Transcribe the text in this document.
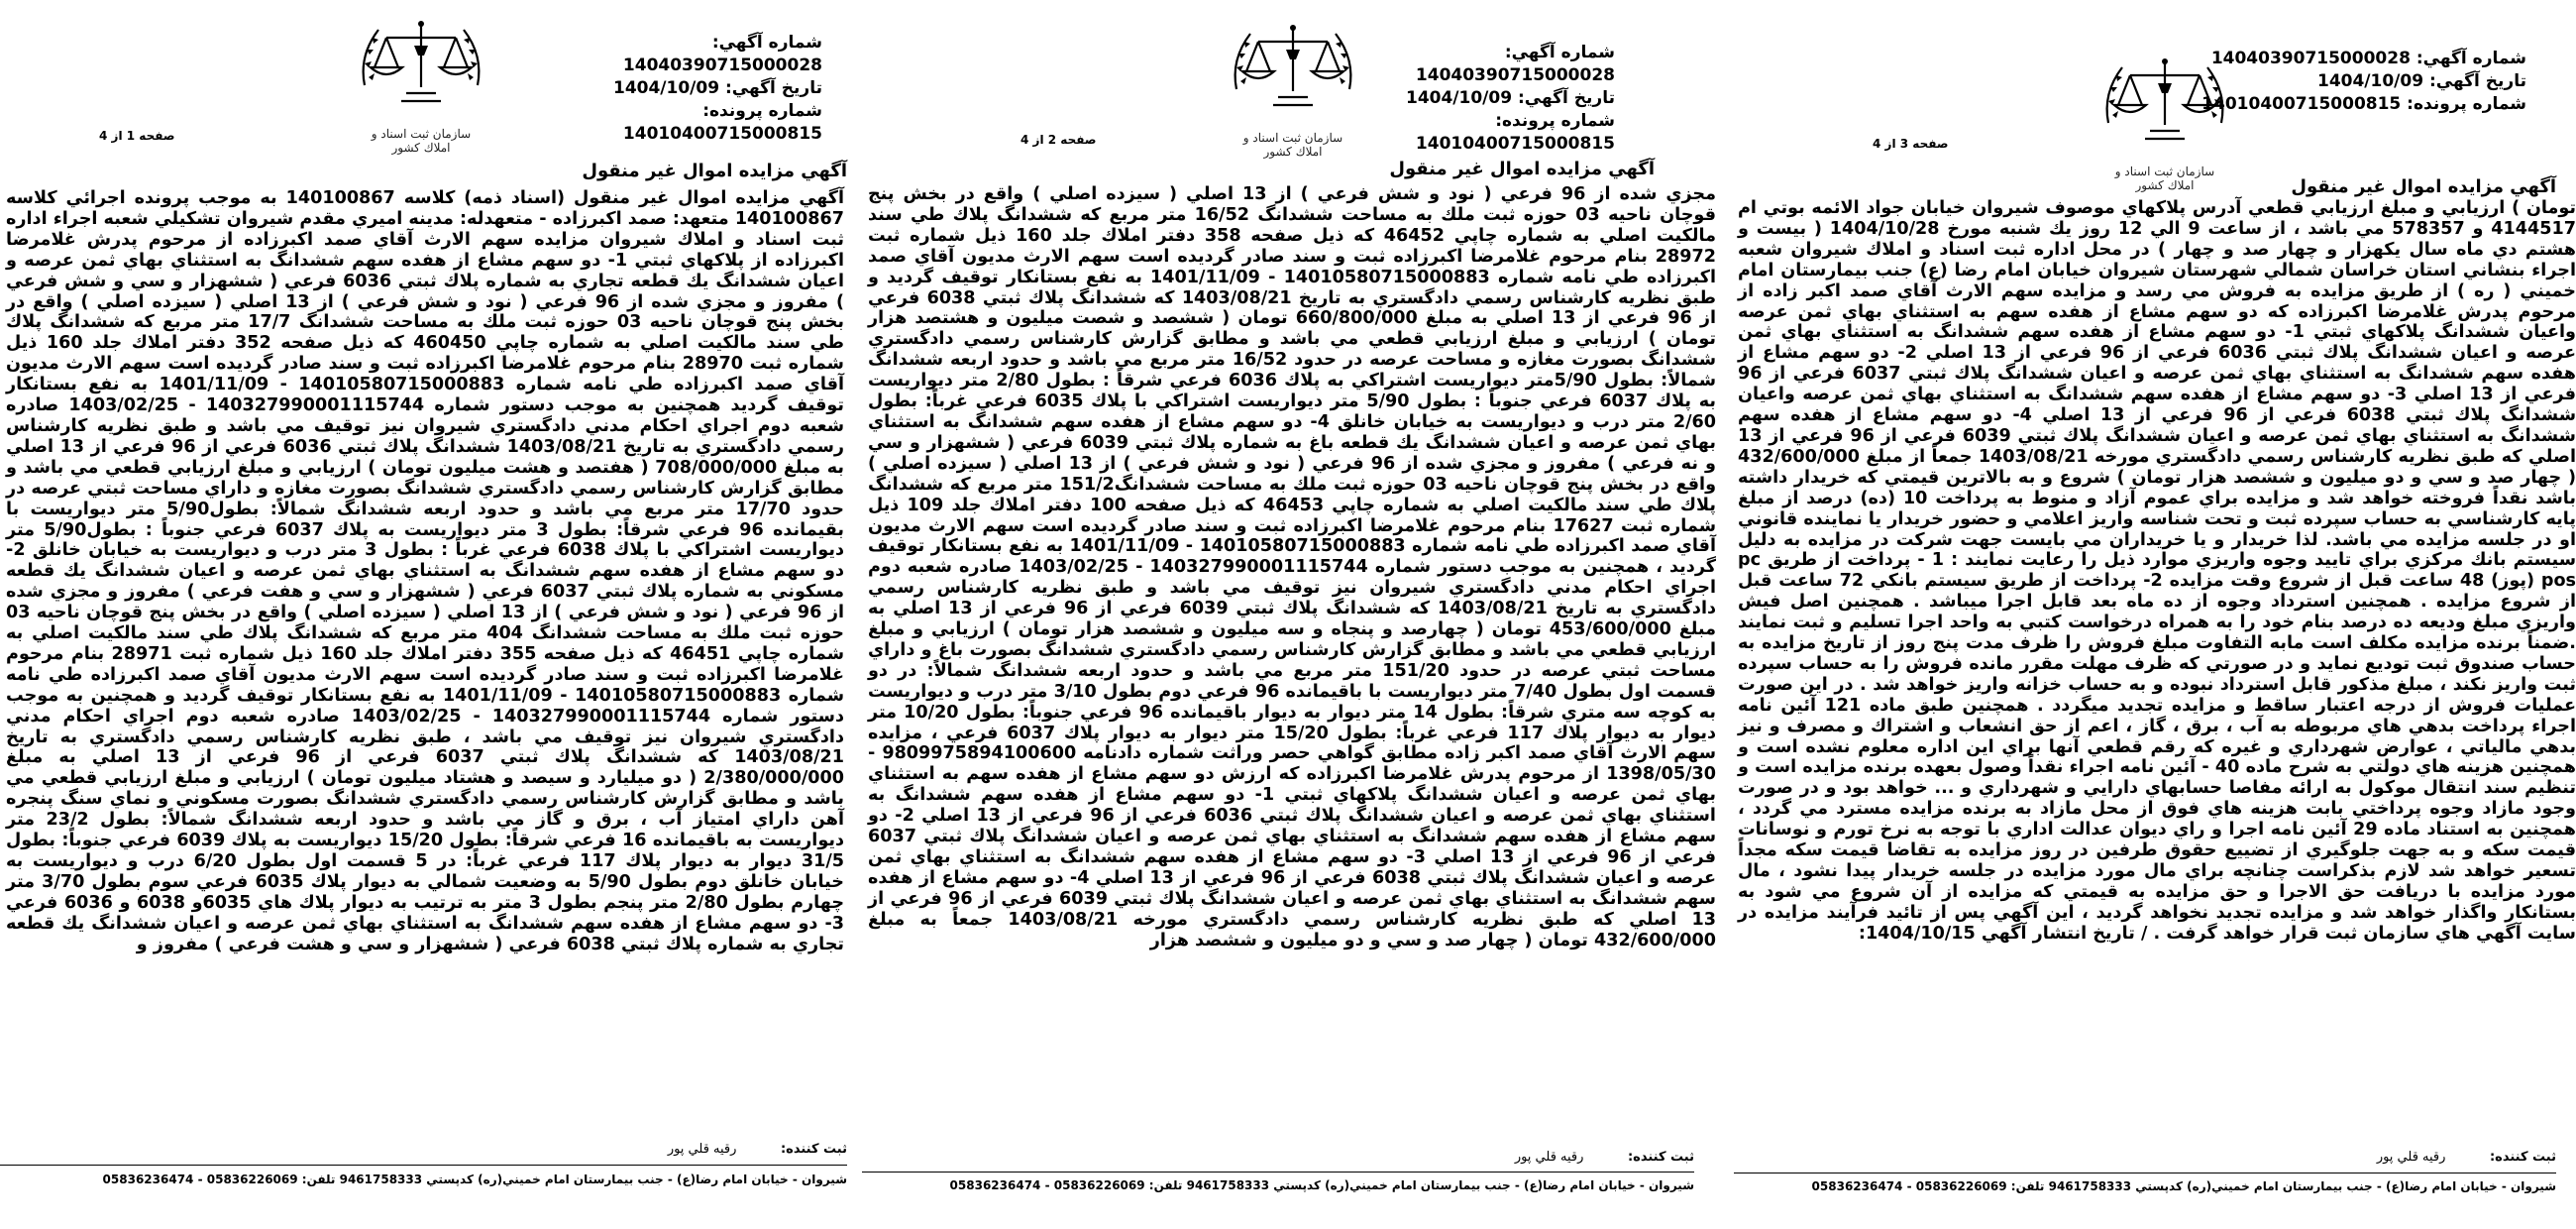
شماره آگهي: 14040390715000028
تاريخ آگهي: 1404/10/09
شماره پرونده: 14010400715000815
سازمان ثبت اسناد و املاك كشور
صفحه 1 از 4
آگهي مزايده اموال غير منقول
آگهي مزايده اموال غير منقول (اسناد ذمه) كلاسه 140100867 به موجب پرونده اجرائي كلاسه 140100867 متعهد: صمد اكبرزاده - متعهدله: مدينه اميري مقدم شيروان تشكيلي شعبه اجراء اداره ثبت اسناد و املاك شيروان مزايده سهم الارث آقاي صمد اكبرزاده از مرحوم پدرش غلامرضا اكبرزاده از پلاكهاي ثبتي 1- دو سهم مشاع از هفده سهم ششدانگ به استثناي بهاي ثمن عرصه و اعيان ششدانگ يك قطعه تجاري به شماره پلاك ثبتي 6036 فرعي ( ششهزار و سي و شش فرعي ) مفروز و مجزي شده از 96 فرعي ( نود و شش فرعي ) از 13 اصلي ( سيزده اصلي ) واقع در بخش پنج قوچان ناحيه 03 حوزه ثبت ملك به مساحت ششدانگ 17/7 متر مربع كه ششدانگ پلاك طي سند مالكيت اصلي به شماره چاپي 460450 كه ذيل صفحه 352 دفتر املاك جلد 160 ذيل شماره ثبت 28970 بنام مرحوم غلامرضا اكبرزاده ثبت و سند صادر گرديده است سهم الارث مديون آقاي صمد اكبرزاده طي نامه شماره 14010580715000883 - 1401/11/09 به نفع بستانكار توقيف گرديد همچنين به موجب دستور شماره 140327990001115744 - 1403/02/25 صادره شعبه دوم اجراي احكام مدني دادگستري شيروان نيز توقيف مي باشد و طبق نظريه كارشناس رسمي دادگستري به تاريخ 1403/08/21 ششدانگ پلاك ثبتي 6036 فرعي از 96 فرعي از 13 اصلي به مبلغ 708/000/000 ( هفتصد و هشت ميليون تومان ) ارزيابي و مبلغ ارزيابي قطعي مي باشد و مطابق گزارش كارشناس رسمي دادگستري ششدانگ بصورت مغازه و داراي مساحت ثبتي عرصه در حدود 17/70 متر مربع مي باشد و حدود اربعه ششدانگ شمالاً: بطول5/90 متر ديواريست با بقيمانده 96 فرعي شرقاً: بطول 3 متر ديواريست به پلاك 6037 فرعي جنوباً : بطول5/90 متر ديواريست اشتراكي با پلاك 6038 فرعي غرباً : بطول 3 متر درب و ديواريست به خيابان خانلق 2- دو سهم مشاع از هفده سهم ششدانگ به استثناي بهاي ثمن عرصه و اعيان ششدانگ يك قطعه مسكوني به شماره پلاك ثبتي 6037 فرعي ( ششهزار و سي و هفت فرعي ) مفروز و مجزي شده از 96 فرعي ( نود و شش فرعي ) از 13 اصلي ( سيزده اصلي ) واقع در بخش پنج قوچان ناحيه 03 حوزه ثبت ملك به مساحت ششدانگ 404 متر مربع كه ششدانگ پلاك طي سند مالكيت اصلي به شماره چاپي 46451 كه ذيل صفحه 355 دفتر املاك جلد 160 ذيل شماره ثبت 28971 بنام مرحوم غلامرضا اكبرزاده ثبت و سند صادر گرديده است سهم الارث مديون آقاي صمد اكبرزاده طي نامه شماره 14010580715000883 - 1401/11/09 به نفع بستانكار توقيف گرديد و همچنين به موجب دستور شماره 140327990001115744 - 1403/02/25 صادره شعبه دوم اجراي احكام مدني دادگستري شيروان نيز توقيف مي باشد ، طبق نظريه كارشناس رسمي دادگستري به تاريخ 1403/08/21 كه ششدانگ پلاك ثبتي 6037 فرعي از 96 فرعي از 13 اصلي به مبلغ 2/380/000/000 ( دو ميليارد و سيصد و هشتاد ميليون تومان ) ارزيابي و مبلغ ارزيابي قطعي مي باشد و مطابق گزارش كارشناس رسمي دادگستري ششدانگ بصورت مسكوني و نماي سنگ پنجره آهن داراي امتياز آب ، برق و گاز مي باشد و حدود اربعه ششدانگ شمالاً: بطول 23/2 متر ديواريست به باقيمانده 16 فرعي شرقاً: بطول 15/20 ديواريست به پلاك 6039 فرعي جنوباً: بطول 31/5 ديوار به ديوار پلاك 117 فرعي غرباً: در 5 قسمت اول بطول 6/20 درب و ديواريست به خيابان خانلق دوم بطول 5/90 به وضعيت شمالي به ديوار پلاك 6035 فرعي سوم بطول 3/70 متر چهارم بطول 2/80 متر پنجم بطول 3 متر به ترتيب به ديوار پلاك هاي 6035و 6038 و 6036 فرعي 3- دو سهم مشاع از هفده سهم ششدانگ به استثناي بهاي ثمن عرصه و اعيان ششدانگ يك قطعه تجاري به شماره پلاك ثبتي 6038 فرعي ( ششهزار و سي و هشت فرعي ) مفروز و
ثبت كننده: رقيه قلي پور
شيروان - خيابان امام رضا(ع) - جنب بيمارستان امام خميني(ره) كدپستي 9461758333 تلفن: 05836226069 - 05836236474
شماره آگهي: 14040390715000028
تاريخ آگهي: 1404/10/09
شماره پرونده: 14010400715000815
سازمان ثبت اسناد و املاك كشور
صفحه 2 از 4
آگهي مزايده اموال غير منقول
مجزي شده از 96 فرعي ( نود و شش فرعي ) از 13 اصلي ( سيزده اصلي ) واقع در بخش پنج قوچان ناحيه 03 حوزه ثبت ملك به مساحت ششدانگ 16/52 متر مربع كه ششدانگ پلاك طي سند مالكيت اصلي به شماره چاپي 46452 كه ذيل صفحه 358 دفتر املاك جلد 160 ذيل شماره ثبت 28972 بنام مرحوم غلامرضا اكبرزاده ثبت و سند صادر گرديده است سهم الارث مديون آقاي صمد اكبرزاده طي نامه شماره 14010580715000883 - 1401/11/09 به نفع بستانكار توقيف گرديد و طبق نظريه كارشناس رسمي دادگستري به تاريخ 1403/08/21 كه ششدانگ پلاك ثبتي 6038 فرعي از 96 فرعي از 13 اصلي به مبلغ 660/800/000 تومان ( ششصد و شصت ميليون و هشتصد هزار تومان ) ارزيابي و مبلغ ارزيابي قطعي مي باشد و مطابق گزارش كارشناس رسمي دادگستري ششدانگ بصورت مغازه و مساحت عرصه در حدود 16/52 متر مربع مي باشد و حدود اربعه ششدانگ شمالاً: بطول 5/90متر ديواريست اشتراكي به پلاك 6036 فرعي شرقاً : بطول 2/80 متر ديواريست به پلاك 6037 فرعي جنوباً : بطول 5/90 متر ديواريست اشتراكي با پلاك 6035 فرعي غرباً: بطول 2/60 متر درب و ديواريست به خيابان خانلق 4- دو سهم مشاع از هفده سهم ششدانگ به استثناي بهاي ثمن عرصه و اعيان ششدانگ يك قطعه باغ به شماره پلاك ثبتي 6039 فرعي ( ششهزار و سي و نه فرعي ) مفروز و مجزي شده از 96 فرعي ( نود و شش فرعي ) از 13 اصلي ( سيزده اصلي ) واقع در بخش پنج قوچان ناحيه 03 حوزه ثبت ملك به مساحت ششدانگ151/2 متر مربع كه ششدانگ پلاك طي سند مالكيت اصلي به شماره چاپي 46453 كه ذيل صفحه 100 دفتر املاك جلد 109 ذيل شماره ثبت 17627 بنام مرحوم غلامرضا اكبرزاده ثبت و سند صادر گرديده است سهم الارث مديون آقاي صمد اكبرزاده طي نامه شماره 14010580715000883 - 1401/11/09 به نفع بستانكار توقيف گرديد ، همچنين به موجب دستور شماره 140327990001115744 - 1403/02/25 صادره شعبه دوم اجراي احكام مدني دادگستري شيروان نيز توقيف مي باشد و طبق نظريه كارشناس رسمي دادگستري به تاريخ 1403/08/21 كه ششدانگ پلاك ثبتي 6039 فرعي از 96 فرعي از 13 اصلي به مبلغ 453/600/000 تومان ( چهارصد و پنجاه و سه ميليون و ششصد هزار تومان ) ارزيابي و مبلغ ارزيابي قطعي مي باشد و مطابق گزارش كارشناس رسمي دادگستري ششدانگ بصورت باغ و داراي مساحت ثبتي عرصه در حدود 151/20 متر مربع مي باشد و حدود اربعه ششدانگ شمالاً: در دو قسمت اول بطول 7/40 متر ديواريست با باقيمانده 96 فرعي دوم بطول 3/10 متر درب و ديواريست به كوچه سه متري شرقاً: بطول 14 متر ديوار به ديوار باقيمانده 96 فرعي جنوباً: بطول 10/20 متر ديوار به ديوار پلاك 117 فرعي غرباً: بطول 15/20 متر ديوار به ديوار پلاك 6037 فرعي ، مزايده سهم الارث آقاي صمد اكبر زاده مطابق گواهي حصر وراثت شماره دادنامه 9809975894100600 - 1398/05/30 از مرحوم پدرش غلامرضا اكبرزاده كه ارزش دو سهم مشاع از هفده سهم به استثناي بهاي ثمن عرصه و اعيان ششدانگ پلاكهاي ثبتي 1- دو سهم مشاع از هفده سهم ششدانگ به استثناي بهاي ثمن عرصه و اعيان ششدانگ پلاك ثبتي 6036 فرعي از 96 فرعي از 13 اصلي 2- دو سهم مشاع از هفده سهم ششدانگ به استثناي بهاي ثمن عرصه و اعيان ششدانگ پلاك ثبتي 6037 فرعي از 96 فرعي از 13 اصلي 3- دو سهم مشاع از هفده سهم ششدانگ به استثناي بهاي ثمن عرصه و اعيان ششدانگ پلاك ثبتي 6038 فرعي از 96 فرعي از 13 اصلي 4- دو سهم مشاع از هفده سهم ششدانگ به استثناي بهاي ثمن عرصه و اعيان ششدانگ پلاك ثبتي 6039 فرعي از 96 فرعي از 13 اصلي كه طبق نظريه كارشناس رسمي دادگستري مورخه 1403/08/21 جمعاً به مبلغ 432/600/000 تومان ( چهار صد و سي و دو ميليون و ششصد هزار
ثبت كننده: رقيه قلي پور
شيروان - خيابان امام رضا(ع) - جنب بيمارستان امام خميني(ره) كدپستي 9461758333 تلفن: 05836226069 - 05836236474
شماره آگهي: 14040390715000028
تاريخ آگهي: 1404/10/09
شماره پرونده: 14010400715000815
سازمان ثبت اسناد و املاك كشور
صفحه 3 از 4
آگهي مزايده اموال غير منقول
تومان ) ارزيابي و مبلغ ارزيابي قطعي آدرس پلاكهاي موصوف شيروان خيابان جواد الائمه بوتي ام 4144517 و 578357 مي باشد ، از ساعت 9 الي 12 روز يك شنبه مورخ 1404/10/28 ( بيست و هشتم دي ماه سال يكهزار و چهار صد و چهار ) در محل اداره ثبت اسناد و املاك شيروان شعبه اجراء بنشاني استان خراسان شمالي شهرستان شيروان خيابان امام رضا (ع) جنب بيمارستان امام خميني ( ره ) از طريق مزايده به فروش مي رسد و مزايده سهم الارث آقاي صمد اكبر زاده از مرحوم پدرش غلامرضا اكبرزاده كه دو سهم مشاع از هفده سهم به استثناي بهاي ثمن عرصه واعيان ششدانگ پلاكهاي ثبتي 1- دو سهم مشاع از هفده سهم ششدانگ به استثناي بهاي ثمن عرصه و اعيان ششدانگ پلاك ثبتي 6036 فرعي از 96 فرعي از 13 اصلي 2- دو سهم مشاع از هفده سهم ششدانگ به استثناي بهاي ثمن عرصه و اعيان ششدانگ پلاك ثبتي 6037 فرعي از 96 فرعي از 13 اصلي 3- دو سهم مشاع از هفده سهم ششدانگ به استثناي بهاي ثمن عرصه واعيان ششدانگ پلاك ثبتي 6038 فرعي از 96 فرعي از 13 اصلي 4- دو سهم مشاع از هفده سهم ششدانگ به استثناي بهاي ثمن عرصه و اعيان ششدانگ پلاك ثبتي 6039 فرعي از 96 فرعي از 13 اصلي كه طبق نظريه كارشناس رسمي دادگستري مورخه 1403/08/21 جمعاً از مبلغ 432/600/000 ( چهار صد و سي و دو ميليون و ششصد هزار تومان ) شروع و به بالاترين قيمتي كه خريدار داشته باشد نقداً فروخته خواهد شد و مزايده براي عموم آزاد و منوط به پرداخت 10 (ده) درصد از مبلغ پايه كارشناسي به حساب سپرده ثبت و تحت شناسه واريز اعلامي و حضور خريدار يا نماينده قانوني او در جلسه مزايده مي باشد. لذا خريدار و يا خريداران مي بايست جهت شركت در مزايده به دليل سيستم بانك مركزي براي تاييد وجوه واريزي موارد ذيل را رعايت نمايند : 1 - پرداخت از طريق pc pos (پوز) 48 ساعت قبل از شروع وقت مزايده 2- پرداخت از طريق سيستم بانكي 72 ساعت قبل از شروع مزايده . همچنين استرداد وجوه از ده ماه بعد قابل اجرا ميباشد . همچنين اصل فيش واريزي مبلغ وديعه ده درصد بنام خود را به همراه درخواست كتبي به واحد اجرا تسليم و ثبت نمايند .ضمناً برنده مزايده مكلف است مابه التفاوت مبلغ فروش را ظرف مدت پنج روز از تاريخ مزايده به حساب صندوق ثبت توديع نمايد و در صورتي كه ظرف مهلت مقرر مانده فروش را به حساب سپرده ثبت واريز نكند ، مبلغ مذكور قابل استرداد نبوده و به حساب خزانه واريز خواهد شد . در اين صورت عمليات فروش از درجه اعتبار ساقط و مزايده تجديد ميگردد . همچنين طبق ماده 121 آئين نامه اجراء پرداخت بدهي هاي مربوطه به آب ، برق ، گاز ، اعم از حق انشعاب و اشتراك و مصرف و نيز بدهي مالياتي ، عوارض شهرداري و غيره كه رقم قطعي آنها براي اين اداره معلوم نشده است و همچنين هزينه هاي دولتي به شرح ماده 40 - آئين نامه اجراء نقداً وصول بعهده برنده مزايده است و تنظيم سند انتقال موكول به ارائه مفاصا حسابهاي دارايي و شهرداري و ... خواهد بود و در صورت وجود مازاد وجوه پرداختي بابت هزينه هاي فوق از محل مازاد به برنده مزايده مسترد مي گردد ، همچنين به استناد ماده 29 آئين نامه اجرا و راي ديوان عدالت اداري با توجه به نرخ تورم و نوسانات قيمت سكه و به جهت جلوگيري از تضييع حقوق طرفين در روز مزايده به تقاضا قيمت سكه مجداً تسعير خواهد شد لازم بذكراست چنانچه براي مال مورد مزايده در جلسه خريدار پيدا نشود ، مال مورد مزايده با دريافت حق الاجرا و حق مزايده به قيمتي كه مزايده از آن شروع مي شود به بستانكار واگذار خواهد شد و مزايده تجديد نخواهد گرديد ، اين آگهي پس از تائيد فرآيند مزايده در سايت آگهي هاي سازمان ثبت قرار خواهد گرفت . / تاريخ انتشار آگهي 1404/10/15:
ثبت كننده: رقيه قلي پور
شيروان - خيابان امام رضا(ع) - جنب بيمارستان امام خميني(ره) كدپستي 9461758333 تلفن: 05836226069 - 05836236474
